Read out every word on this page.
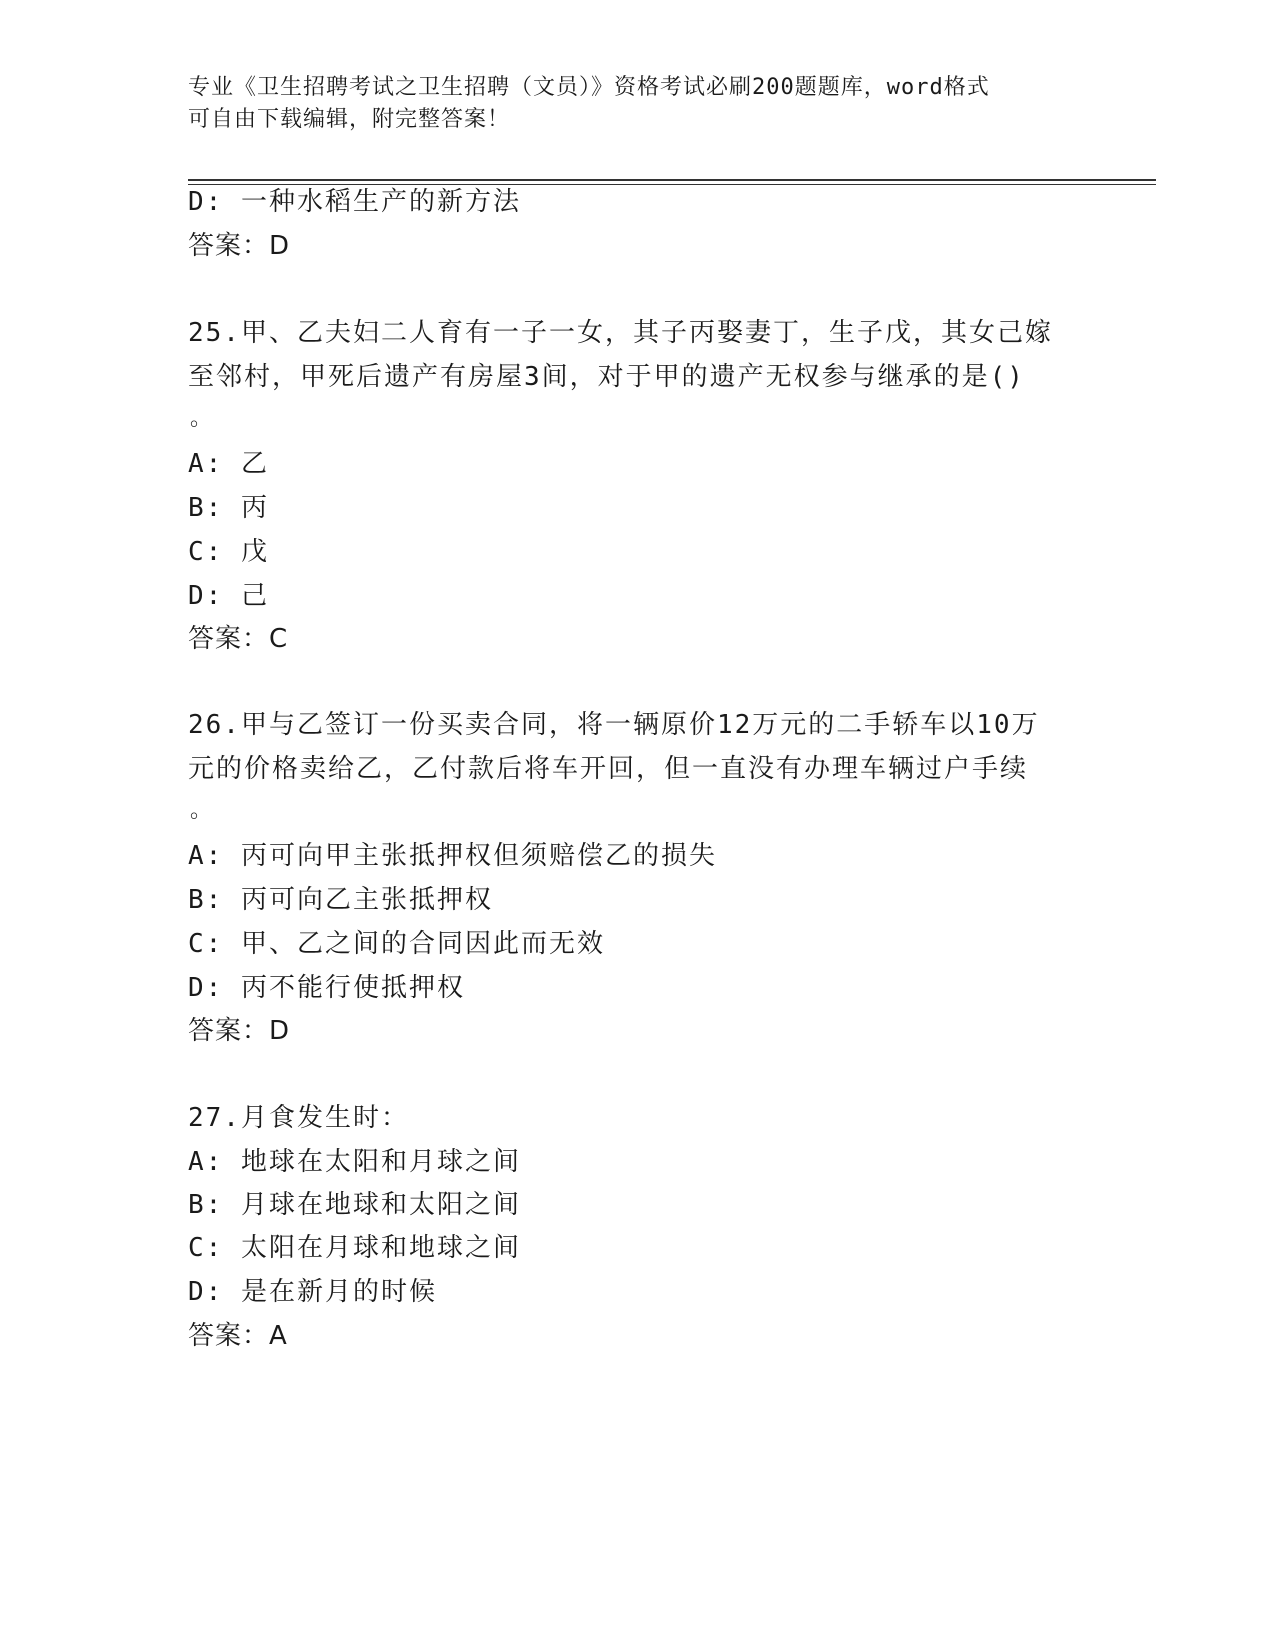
专业《卫生招聘考试之卫生招聘（文员）》资格考试必刷200题题库，word格式
可自由下载编辑，附完整答案！
D: 一种水稻生产的新方法
答案：D
25.甲、乙夫妇二人育有一子一女，其子丙娶妻丁，生子戊，其女己嫁
至邻村，甲死后遗产有房屋3间，对于甲的遗产无权参与继承的是()
。
A: 乙
B: 丙
C: 戊
D: 己
答案：C
26.甲与乙签订一份买卖合同，将一辆原价12万元的二手轿车以10万
元的价格卖给乙，乙付款后将车开回，但一直没有办理车辆过户手续
。
A: 丙可向甲主张抵押权但须赔偿乙的损失
B: 丙可向乙主张抵押权
C: 甲、乙之间的合同因此而无效
D: 丙不能行使抵押权
答案：D
27.月食发生时：
A: 地球在太阳和月球之间
B: 月球在地球和太阳之间
C: 太阳在月球和地球之间
D: 是在新月的时候
答案：A
